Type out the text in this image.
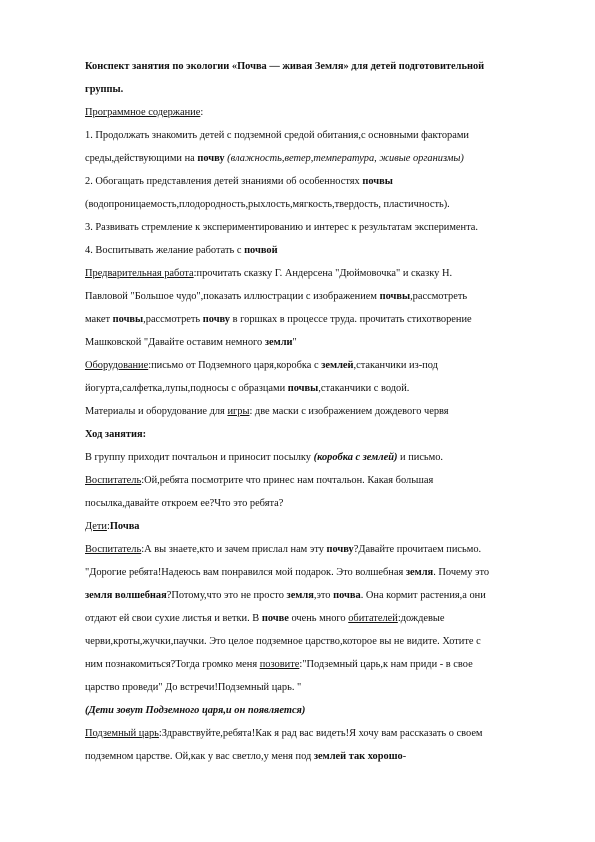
Конспект занятия по экологии «Почва — живая Земля» для детей подготовительной
группы.

Программное содержание:

1. Продолжать знакомить детей с подземной средой обитания,с основными факторами
среды,действующими на почву (влажность,ветер,температура, живые организмы)

2. Обогащать представления детей знаниями об особенностях почвы
(водопроницаемость,плодородность,рыхлость,мягкость,твердость, пластичность).

3. Развивать стремление к экспериментированию и интерес к результатам эксперимента.

4. Воспитывать желание работать с почвой

Предварительная работа:прочитать сказку Г. Андерсена "Дюймовочка" и сказку Н.
Павловой "Большое чудо",показать иллюстрации с изображением почвы,рассмотреть
макет почвы,рассмотреть почву в горшках в процессе труда. прочитать стихотворение
Машковской "Давайте оставим немного земли"

Оборудование:письмо от Подземного царя,коробка с землей,стаканчики из-под
йогурта,салфетка,лупы,подносы с образцами почвы,стаканчики с водой.

Материалы и оборудование для игры: две маски с изображением дождевого червя

Ход занятия:

В группу приходит почтальон и приносит посылку (коробка с землей) и письмо.

Воспитатель:Ой,ребята посмотрите что принес нам почтальон. Какая большая
посылка,давайте откроем ее?Что это ребята?

Дети:Почва

Воспитатель:А вы знаете,кто и зачем прислал нам эту почву?Давайте прочитаем письмо.

"Дорогие ребята!Надеюсь вам понравился мой подарок. Это волшебная земля. Почему это
земля волшебная?Потому,что это не просто земля,это почва. Она кормит растения,а они
отдают ей свои сухие листья и ветки. В почве очень много обитателей:дождевые
черви,кроты,жучки,паучки. Это целое подземное царство,которое вы не видите. Хотите с
ним познакомиться?Тогда громко меня позовите:"Подземный царь,к нам приди - в свое
царство проведи" До встречи!Подземный царь. "

(Дети зовут Подземного царя,и он появляется)

Подземный царь:Здравствуйте,ребята!Как я рад вас видеть!Я хочу вам рассказать о своем
подземном царстве. Ой,как у вас светло,у меня под землей так хорошо-
